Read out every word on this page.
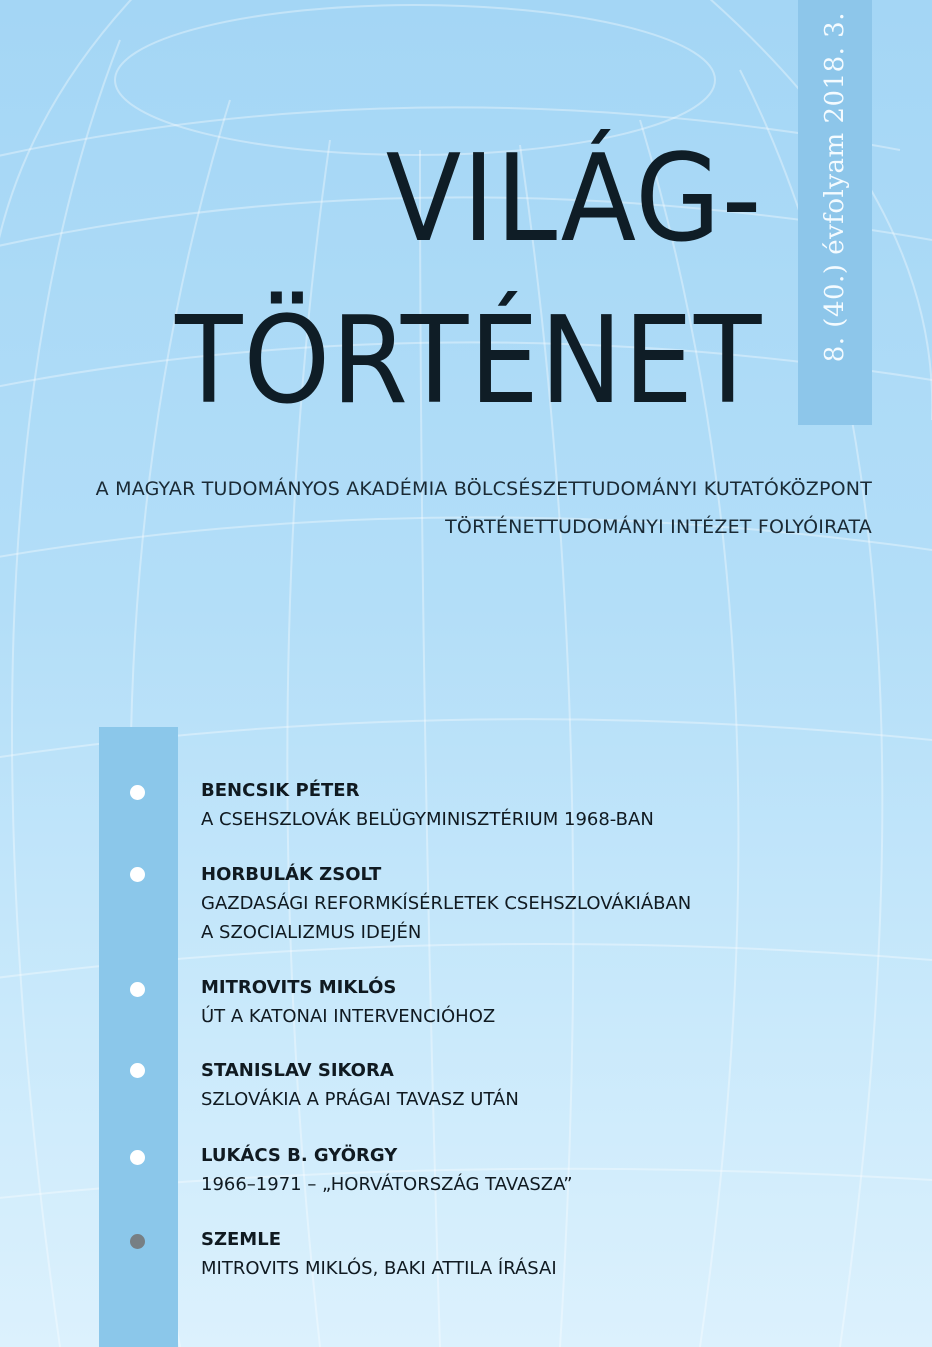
VILÁG-
TÖRTÉNET 8. (40.) évfolyam 2018. 3.

A MAGYAR TUDOMÁNYOS AKADÉMIA BÖLCSÉSZETTUDOMÁNYI KUTATÓKÖZPONT

TÖRTÉNETTUDOMÁNYI INTÉZET FOLYÓIRATA

BENCSIK PÉTER

A CSEHSZLOVÁK BELÜGYMINISZTÉRIUM 1968-BAN

HORBULÁK ZSOLT

GAZDASÁGI REFORMKÍSÉRLETEK CSEHSZLOVÁKIÁBAN
A SZOCIALIZMUS IDEJÉN

MITROVITS MIKLÓS

ÚT A KATONAI INTERVENCIÓHOZ

STANISLAV SIKORA

SZLOVÁKIA A PRÁGAI TAVASZ UTÁN

LUKÁCS B. GYÖRGY

1966–1971 – „HORVÁTORSZÁG TAVASZA”

SZEMLE

MITROVITS MIKLÓS, BAKI ATTILA ÍRÁSAI
